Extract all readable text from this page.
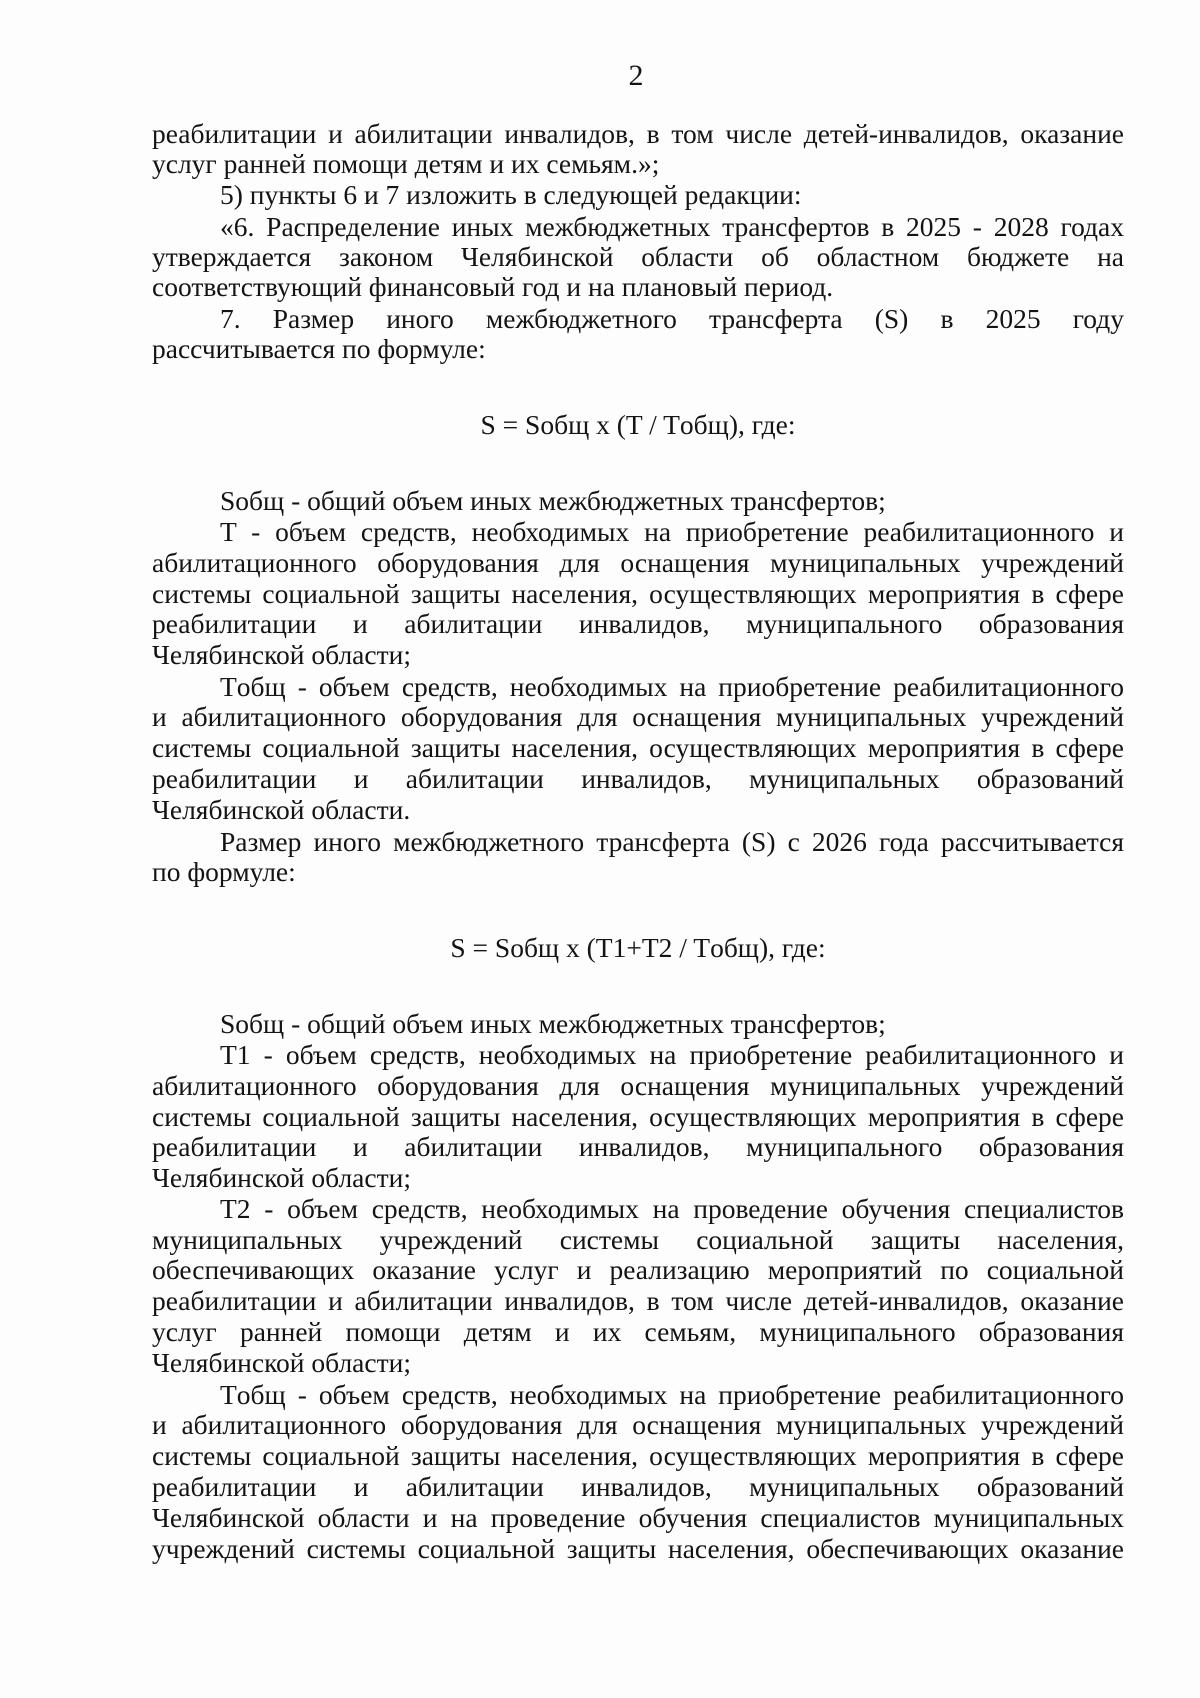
2
реабилитации и абилитации инвалидов, в том числе детей-инвалидов, оказание
услуг ранней помощи детям и их семьям.»;
5) пункты 6 и 7 изложить в следующей редакции:
«6. Распределение иных межбюджетных трансфертов в 2025 - 2028 годах
утверждается законом Челябинской области об областном бюджете на
соответствующий финансовый год и на плановый период.
7. Размер иного межбюджетного трансферта (S) в 2025 году
рассчитывается по формуле:
S = Sобщ x (T / Tобщ), где:
Sобщ - общий объем иных межбюджетных трансфертов;
T - объем средств, необходимых на приобретение реабилитационного и
абилитационного оборудования для оснащения муниципальных учреждений
системы социальной защиты населения, осуществляющих мероприятия в сфере
реабилитации и абилитации инвалидов, муниципального образования
Челябинской области;
Tобщ - объем средств, необходимых на приобретение реабилитационного
и абилитационного оборудования для оснащения муниципальных учреждений
системы социальной защиты населения, осуществляющих мероприятия в сфере
реабилитации и абилитации инвалидов, муниципальных образований
Челябинской области.
Размер иного межбюджетного трансферта (S) с 2026 года рассчитывается
по формуле:
S = Sобщ x (T1+T2 / Tобщ), где:
Sобщ - общий объем иных межбюджетных трансфертов;
T1 - объем средств, необходимых на приобретение реабилитационного и
абилитационного оборудования для оснащения муниципальных учреждений
системы социальной защиты населения, осуществляющих мероприятия в сфере
реабилитации и абилитации инвалидов, муниципального образования
Челябинской области;
T2 - объем средств, необходимых на проведение обучения специалистов
муниципальных учреждений системы социальной защиты населения,
обеспечивающих оказание услуг и реализацию мероприятий по социальной
реабилитации и абилитации инвалидов, в том числе детей-инвалидов, оказание
услуг ранней помощи детям и их семьям, муниципального образования
Челябинской области;
Tобщ - объем средств, необходимых на приобретение реабилитационного
и абилитационного оборудования для оснащения муниципальных учреждений
системы социальной защиты населения, осуществляющих мероприятия в сфере
реабилитации и абилитации инвалидов, муниципальных образований
Челябинской области и на проведение обучения специалистов муниципальных
учреждений системы социальной защиты населения, обеспечивающих оказание
